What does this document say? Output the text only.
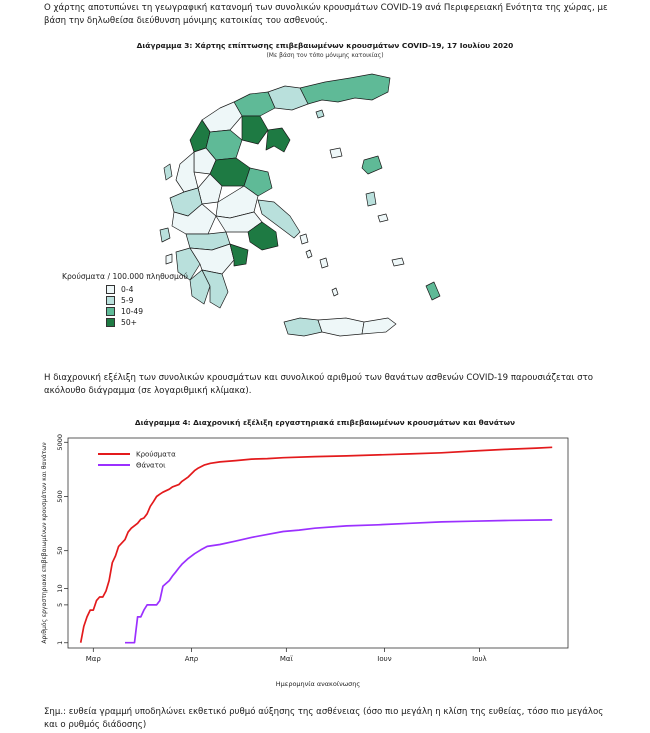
Ο χάρτης αποτυπώνει τη γεωγραφική κατανομή των συνολικών κρουσμάτων COVID-19 ανά Περιφερειακή Ενότητα της χώρας, με βάση την δηλωθείσα διεύθυνση μόνιμης κατοικίας του ασθενούς.

Διάγραμμα 3: Χάρτης επίπτωσης επιβεβαιωμένων κρουσμάτων COVID-19, 17 Ιουλίου 2020
(Με βάση τον τόπο μόνιμης κατοικίας)
Κρούσματα / 100.000 πληθυσμού
0-4
5-9
10-49
50+

Η διαχρονική εξέλιξη των συνολικών κρουσμάτων και συνολικού αριθμού των θανάτων ασθενών COVID-19 παρουσιάζεται στο ακόλουθο διάγραμμα (σε λογαριθμική κλίμακα).

Διάγραμμα 4: Διαχρονική εξέλιξη εργαστηριακά επιβεβαιωμένων κρουσμάτων και θανάτων
1
5
10
50
500
5000
Μαρ	Απρ	Μαϊ	Ιουν	Ιουλ
Ημερομηνία ανακοίνωσης
Αριθμός εργαστηριακά επιβεβαιωμένων κρουσμάτων και θανάτων	Κρούσματα
Θάνατοι

Σημ.: ευθεία γραμμή υποδηλώνει εκθετικό ρυθμό αύξησης της ασθένειας (όσο πιο μεγάλη η κλίση της ευθείας, τόσο πιο μεγάλος και ο ρυθμός διάδοσης)
